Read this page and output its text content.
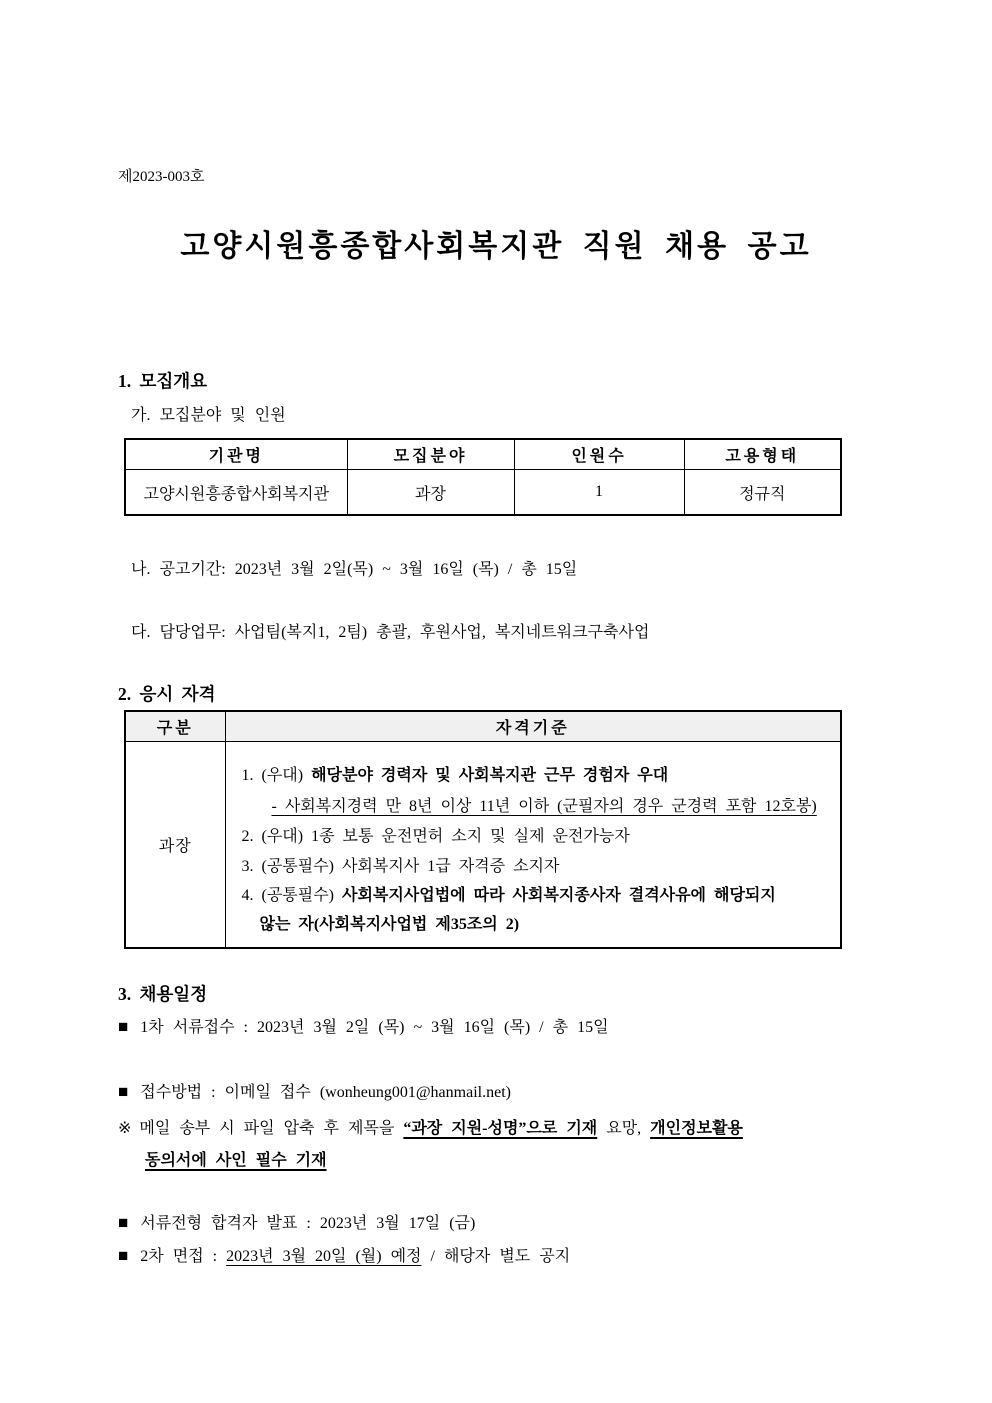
제2023-003호
고양시원흥종합사회복지관 직원 채용 공고
1. 모집개요
가. 모집분야 및 인원
기관명	모집분야	인원수	고용형태
고양시원흥종합사회복지관	과장	1	정규직
나. 공고기간: 2023년 3월 2일(목) ~ 3월 16일 (목) / 총 15일
다. 담당업무: 사업팀(복지1, 2팀) 총괄, 후원사업, 복지네트워크구축사업
2. 응시 자격
구분	자격기준
과장	
1. (우대) 해당분야 경력자 및 사회복지관 근무 경험자 우대
- 사회복지경력 만 8년 이상 11년 이하 (군필자의 경우 군경력 포함 12호봉)
2. (우대) 1종 보통 운전면허 소지 및 실제 운전가능자
3. (공통필수) 사회복지사 1급 자격증 소지자
4. (공통필수) 사회복지사업법에 따라 사회복지종사자 결격사유에 해당되지
않는 자(사회복지사업법 제35조의 2)
3. 채용일정
■ 1차 서류접수 : 2023년 3월 2일 (목) ~ 3월 16일 (목) / 총 15일
■ 접수방법 : 이메일 접수 (wonheung001@hanmail.net)
※ 메일 송부 시 파일 압축 후 제목을 “과장 지원-성명”으로 기재 요망, 개인정보활용
동의서에 사인 필수 기재
■ 서류전형 합격자 발표 : 2023년 3월 17일 (금)
■ 2차 면접 : 2023년 3월 20일 (월) 예정 / 해당자 별도 공지
